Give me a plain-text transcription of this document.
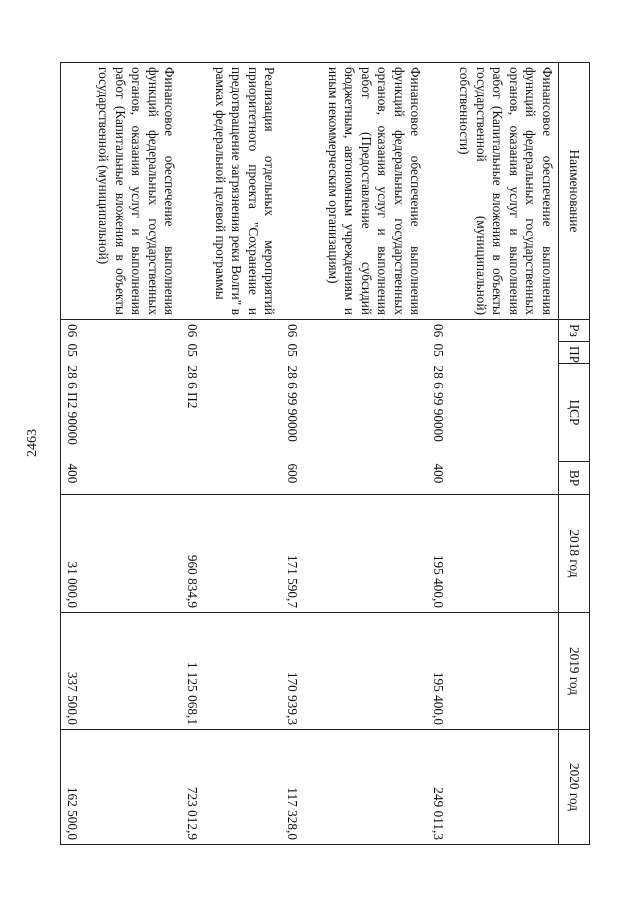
2463
Наименование	Рз	ПР	ЦСР	ВР	2018 год	2019 год	2020 год
Финансовое обеспечение выполнения функций федеральных государственных органов, оказания услуг и выполнения работ (Капитальные вложения в объекты государственной (муниципальной) собственности)	06	05	28 6 99 90000	400	195 400,0	195 400,0	249 011,3
Финансовое обеспечение выполнения функций федеральных государственных органов, оказания услуг и выполнения работ (Предоставление субсидий бюджетным, автономным учреждениям и иным некоммерческим организациям)	06	05	28 6 99 90000	600	171 590,7	170 939,3	117 328,0
Реализация отдельных мероприятий приоритетного проекта "Сохранение и предотвращение загрязнения реки Волги" в рамках федеральной целевой программы	06	05	28 6 П2		960 834,9	1 125 068,1	723 012,9
Финансовое обеспечение выполнения функций федеральных государственных органов, оказания услуг и выполнения работ (Капитальные вложения в объекты государственной (муниципальной)	06	05	28 6 П2 90000	400	31 000,0	337 500,0	162 500,0
